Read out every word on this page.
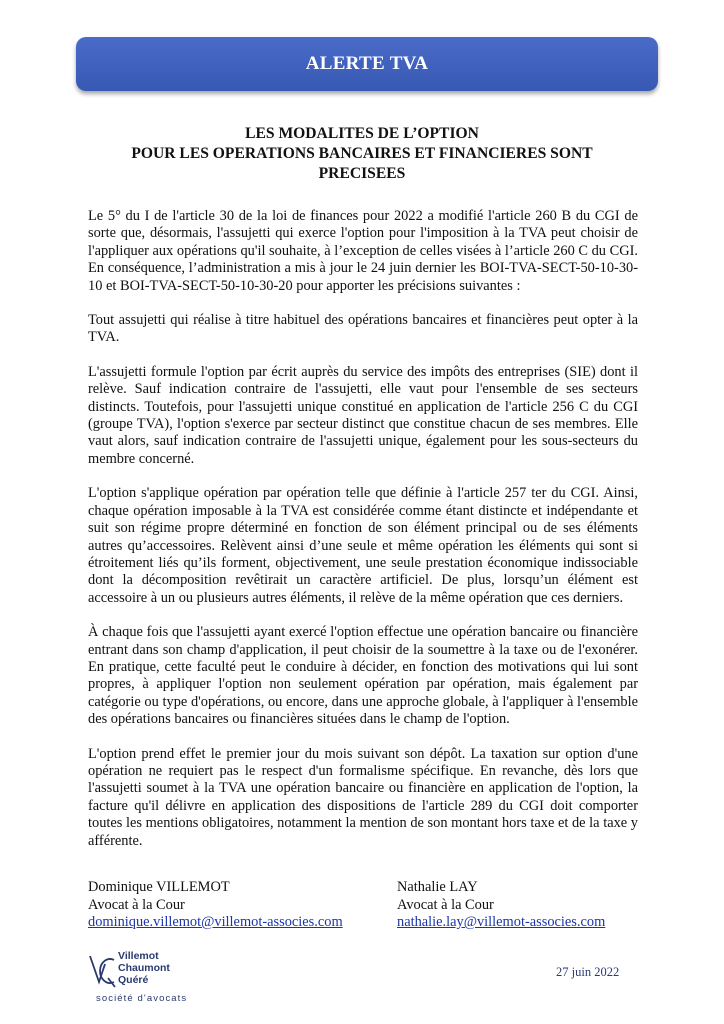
ALERTE TVA
LES MODALITES DE L’OPTION
POUR LES OPERATIONS BANCAIRES ET FINANCIERES SONT
PRECISEES

Le 5° du I de l'article 30 de la loi de finances pour 2022 a modifié l'article 260 B du CGI de sorte que, désormais, l'assujetti qui exerce l'option pour l'imposition à la TVA peut choisir de l'appliquer aux opérations qu'il souhaite, à l’exception de celles visées à l’article 260 C du CGI. En conséquence, l’administration a mis à jour le 24 juin dernier les BOI-TVA-SECT-50-10-30-10 et BOI-TVA-SECT-50-10-30-20 pour apporter les précisions suivantes :

Tout assujetti qui réalise à titre habituel des opérations bancaires et financières peut opter à la TVA.

L'assujetti formule l'option par écrit auprès du service des impôts des entreprises (SIE) dont il relève. Sauf indication contraire de l'assujetti, elle vaut pour l'ensemble de ses secteurs distincts. Toutefois, pour l'assujetti unique constitué en application de l'article 256 C du CGI (groupe TVA), l'option s'exerce par secteur distinct que constitue chacun de ses membres. Elle vaut alors, sauf indication contraire de l'assujetti unique, également pour les sous-secteurs du membre concerné.

L'option s'applique opération par opération telle que définie à l'article 257 ter du CGI. Ainsi, chaque opération imposable à la TVA est considérée comme étant distincte et indépendante et suit son régime propre déterminé en fonction de son élément principal ou de ses éléments autres qu’accessoires. Relèvent ainsi d’une seule et même opération les éléments qui sont si étroitement liés qu’ils forment, objectivement, une seule prestation économique indissociable dont la décomposition revêtirait un caractère artificiel. De plus, lorsqu’un élément est accessoire à un ou plusieurs autres éléments, il relève de la même opération que ces derniers.

À chaque fois que l'assujetti ayant exercé l'option effectue une opération bancaire ou financière entrant dans son champ d'application, il peut choisir de la soumettre à la taxe ou de l'exonérer. En pratique, cette faculté peut le conduire à décider, en fonction des motivations qui lui sont propres, à appliquer l'option non seulement opération par opération, mais également par catégorie ou type d'opérations, ou encore, dans une approche globale, à l'appliquer à l'ensemble des opérations bancaires ou financières situées dans le champ de l'option.

L'option prend effet le premier jour du mois suivant son dépôt. La taxation sur option d'une opération ne requiert pas le respect d'un formalisme spécifique. En revanche, dès lors que l'assujetti soumet à la TVA une opération bancaire ou financière en application de l'option, la facture qu'il délivre en application des dispositions de l'article 289 du CGI doit comporter toutes les mentions obligatoires, notamment la mention de son montant hors taxe et de la taxe y afférente.

Dominique VILLEMOT
Avocat à la Cour
dominique.villemot@villemot-associes.com
Nathalie LAY
Avocat à la Cour
nathalie.lay@villemot-associes.com
Villemot
Chaumont
Quéré
société d'avocats
27 juin 2022
